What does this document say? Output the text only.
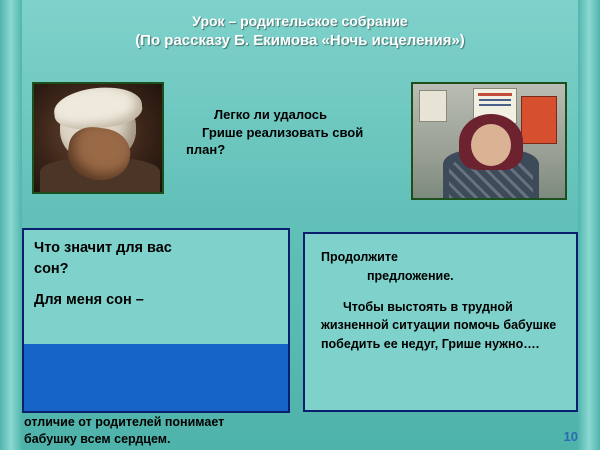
Урок – родительское собрание
(По рассказу Б. Екимова «Ночь исцеления»)
Легко ли удалось
Грише реализовать свой
план?
Что значит для вас
сон?
Для меня сон –
Продолжите
предложение.
Чтобы выстоять в трудной
жизненной ситуации помочь бабушке победить ее недуг, Грише нужно….
отличие от родителей понимает
бабушку всем сердцем.	10
